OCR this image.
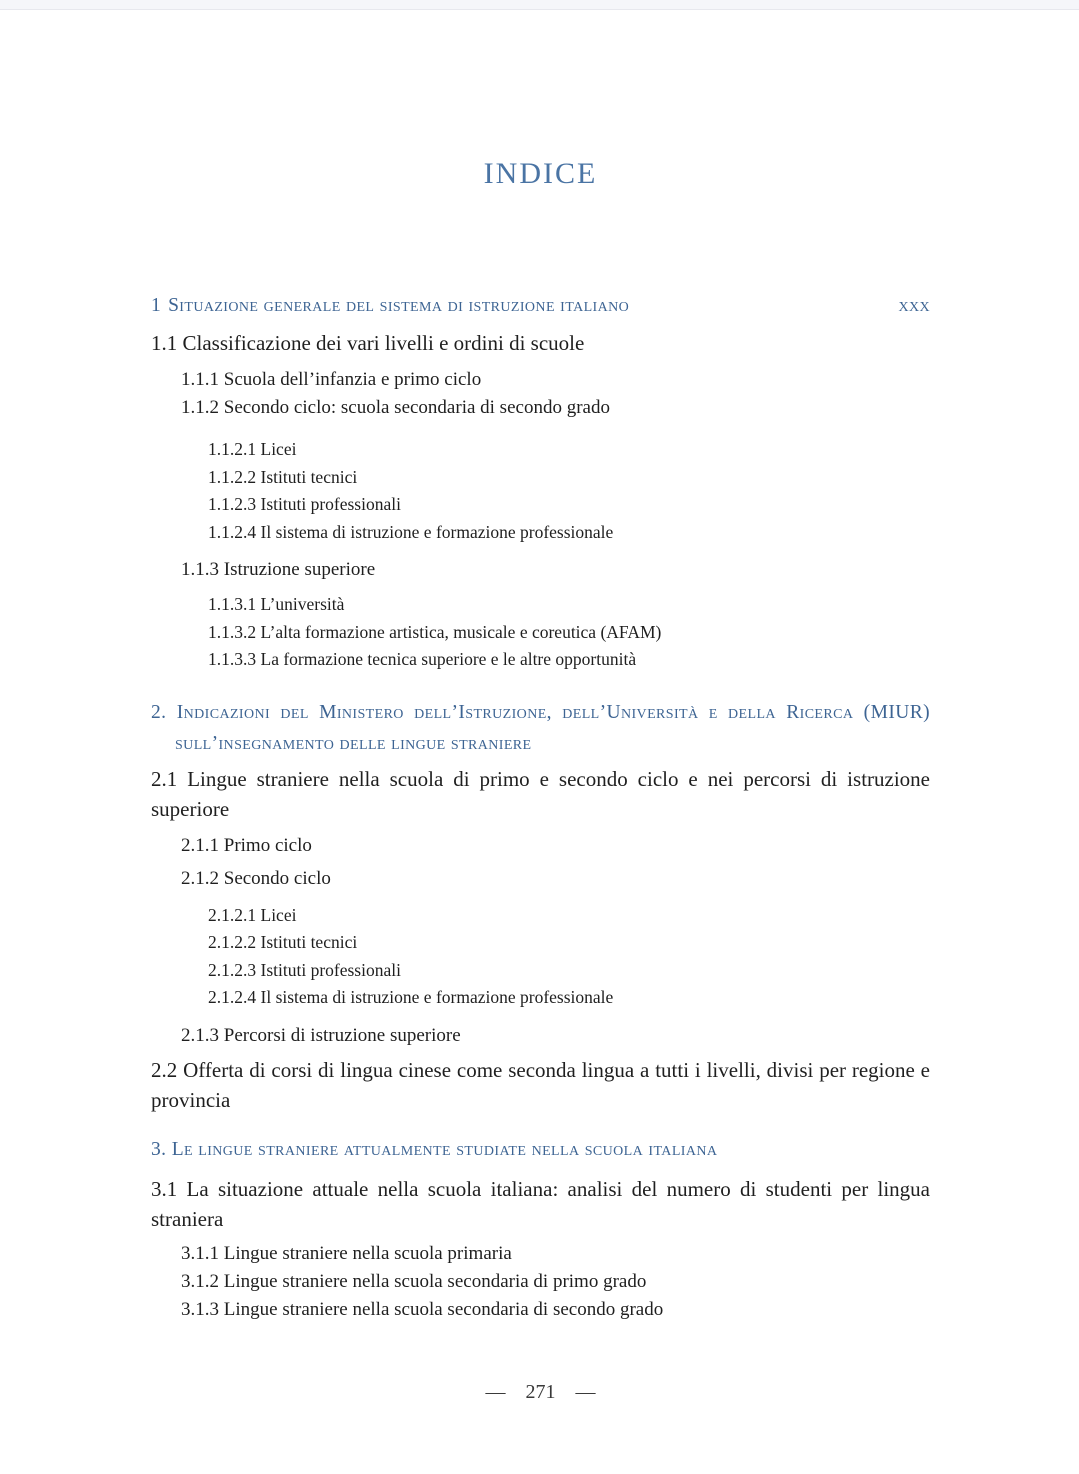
INDICE
1  Situazione generale del sistema di istruzione italiano	xxx
1.1 Classificazione dei vari livelli e ordini di scuole
1.1.1 Scuola dell’infanzia e primo ciclo
1.1.2 Secondo ciclo: scuola secondaria di secondo grado
1.1.2.1 Licei
1.1.2.2 Istituti tecnici
1.1.2.3 Istituti professionali
1.1.2.4 Il sistema di istruzione e formazione professionale
1.1.3 Istruzione superiore
1.1.3.1 L’università
1.1.3.2 L’alta formazione artistica, musicale e coreutica (AFAM)
1.1.3.3 La formazione tecnica superiore e le altre opportunità
2. Indicazioni del Ministero dell’Istruzione, dell’Università e della Ricerca (MIUR) sull’insegnamento delle lingue straniere
2.1 Lingue straniere nella scuola di primo e secondo ciclo e nei percorsi di istruzione superiore
2.1.1 Primo ciclo
2.1.2 Secondo ciclo
2.1.2.1 Licei
2.1.2.2 Istituti tecnici
2.1.2.3 Istituti professionali
2.1.2.4 Il sistema di istruzione e formazione professionale
2.1.3 Percorsi di istruzione superiore
2.2 Offerta di corsi di lingua cinese come seconda lingua a tutti i livelli, divisi per regione e provincia
3. Le lingue straniere attualmente studiate nella scuola italiana
3.1 La situazione attuale nella scuola italiana: analisi del numero di studenti per lingua straniera
3.1.1 Lingue straniere nella scuola primaria
3.1.2 Lingue straniere nella scuola secondaria di primo grado
3.1.3 Lingue straniere nella scuola secondaria di secondo grado
— 271 —
